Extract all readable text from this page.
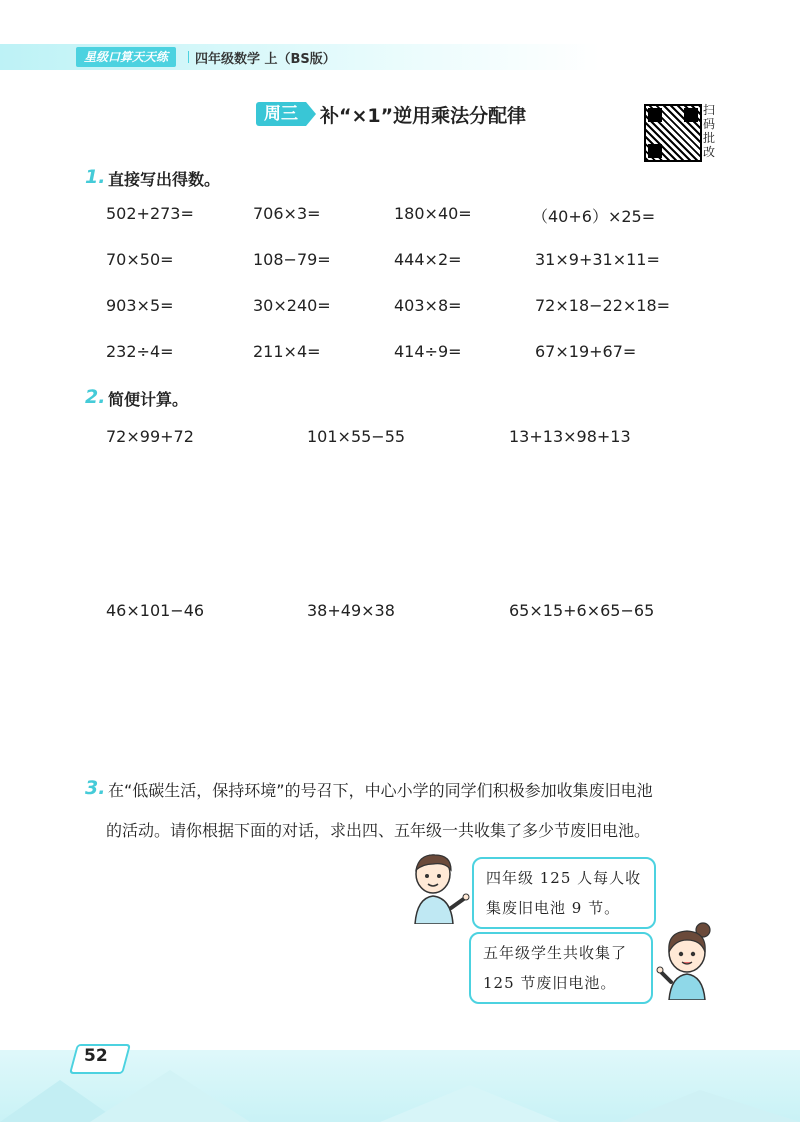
星级口算天天练	四年级数学 上（BS版）
周三	补“×1”逆用乘法分配律	扫码批改
1. 直接写出得数。
502+273=	706×3=	180×40=	（40+6）×25=
70×50=	108−79=	444×2=	31×9+31×11=
903×5=	30×240=	403×8=	72×18−22×18=
232÷4=	211×4=	414÷9=	67×19+67=
2. 简便计算。
72×99+72	101×55−55	13+13×98+13
46×101−46	38+49×38	65×15+6×65−65
3. 在“低碳生活，保持环境”的号召下，中心小学的同学们积极参加收集废旧电池
的活动。请你根据下面的对话，求出四、五年级一共收集了多少节废旧电池。
四年级 125 人每人收
集废旧电池 9 节。
五年级学生共收集了
125 节废旧电池。
52
